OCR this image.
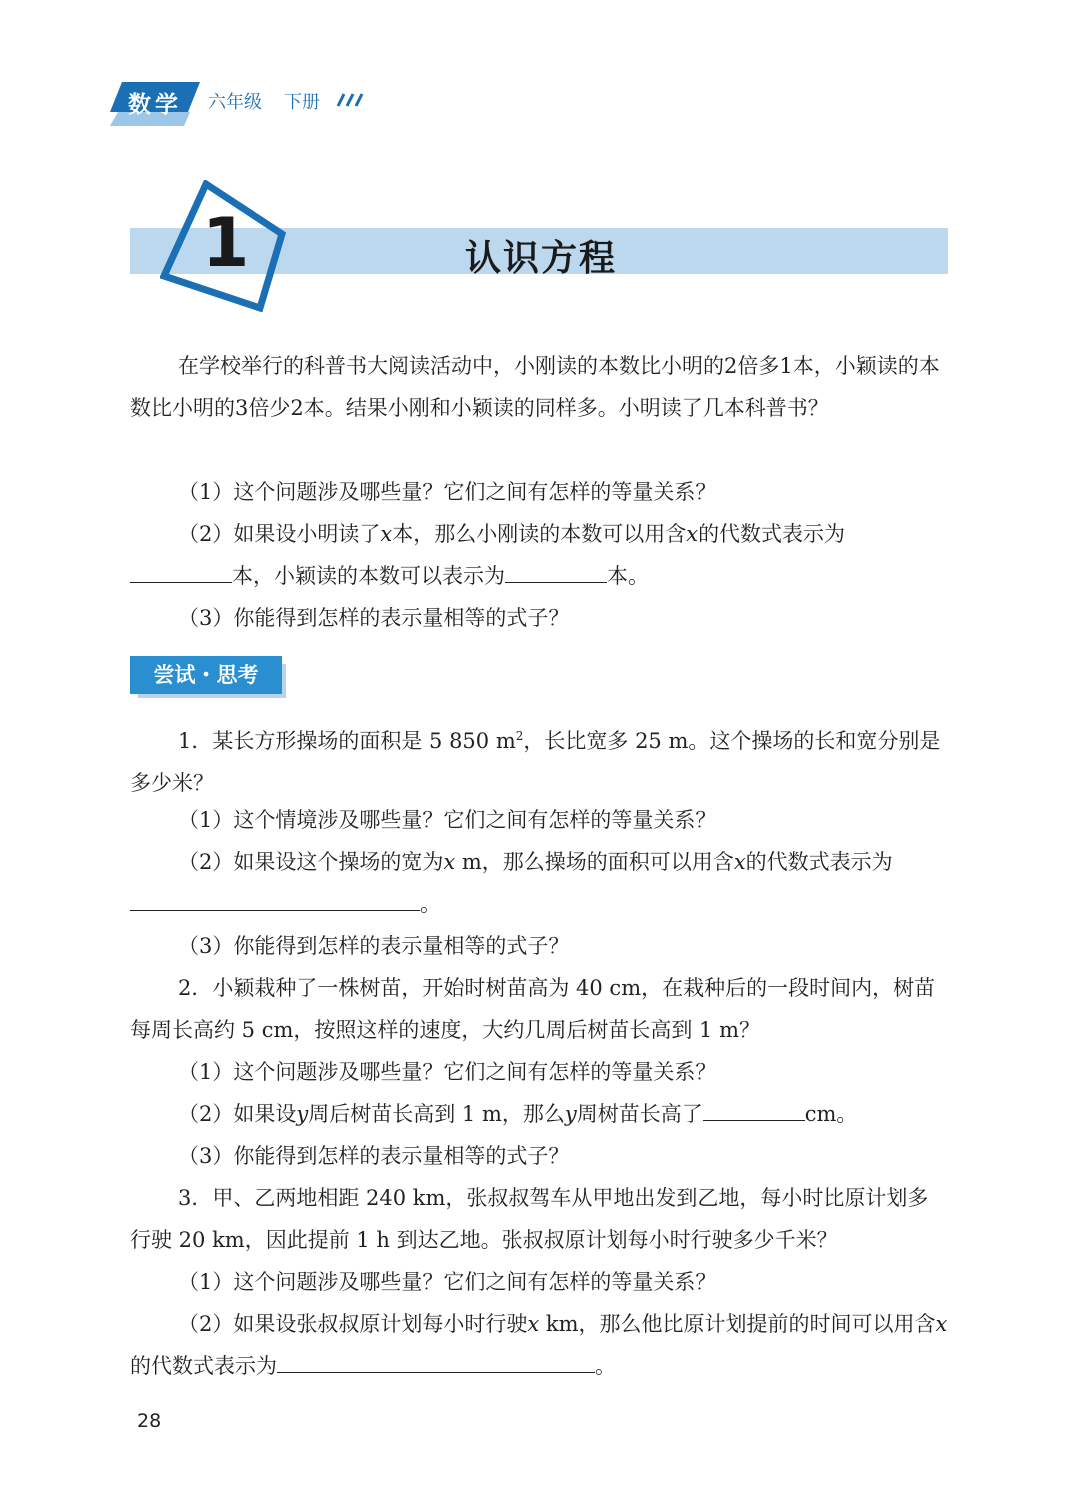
数学 六年级 下册
1	认识方程

在学校举行的科普书大阅读活动中，小刚读的本数比小明的2倍多1本，小颖读的本数比小明的3倍少2本。结果小刚和小颖读的同样多。小明读了几本科普书？

（1）这个问题涉及哪些量？它们之间有怎样的等量关系？

（2）如果设小明读了x本，那么小刚读的本数可以用含x的代数式表示为
本，小颖读的本数可以表示为	本。

（3）你能得到怎样的表示量相等的式子？

尝试・思考

1．某长方形操场的面积是 5 850 $m^2$，长比宽多 25 m。这个操场的长和宽分别是多少米？

（1）这个情境涉及哪些量？它们之间有怎样的等量关系？

（2）如果设这个操场的宽为x m，那么操场的面积可以用含x的代数式表示为。

（3）你能得到怎样的表示量相等的式子？

2．小颖栽种了一株树苗，开始时树苗高为 40 cm，在栽种后的一段时间内，树苗每周长高约 5 cm，按照这样的速度，大约几周后树苗长高到 1 m？

（1）这个问题涉及哪些量？它们之间有怎样的等量关系？

（2）如果设y周后树苗长高到 1 m，那么y周树苗长高了	cm。

（3）你能得到怎样的表示量相等的式子？

3．甲、乙两地相距 240 km，张叔叔驾车从甲地出发到乙地，每小时比原计划多行驶 20 km，因此提前 1 h 到达乙地。张叔叔原计划每小时行驶多少千米？

（1）这个问题涉及哪些量？它们之间有怎样的等量关系？

（2）如果设张叔叔原计划每小时行驶x km，那么他比原计划提前的时间可以用含x的代数式表示为	。

28
